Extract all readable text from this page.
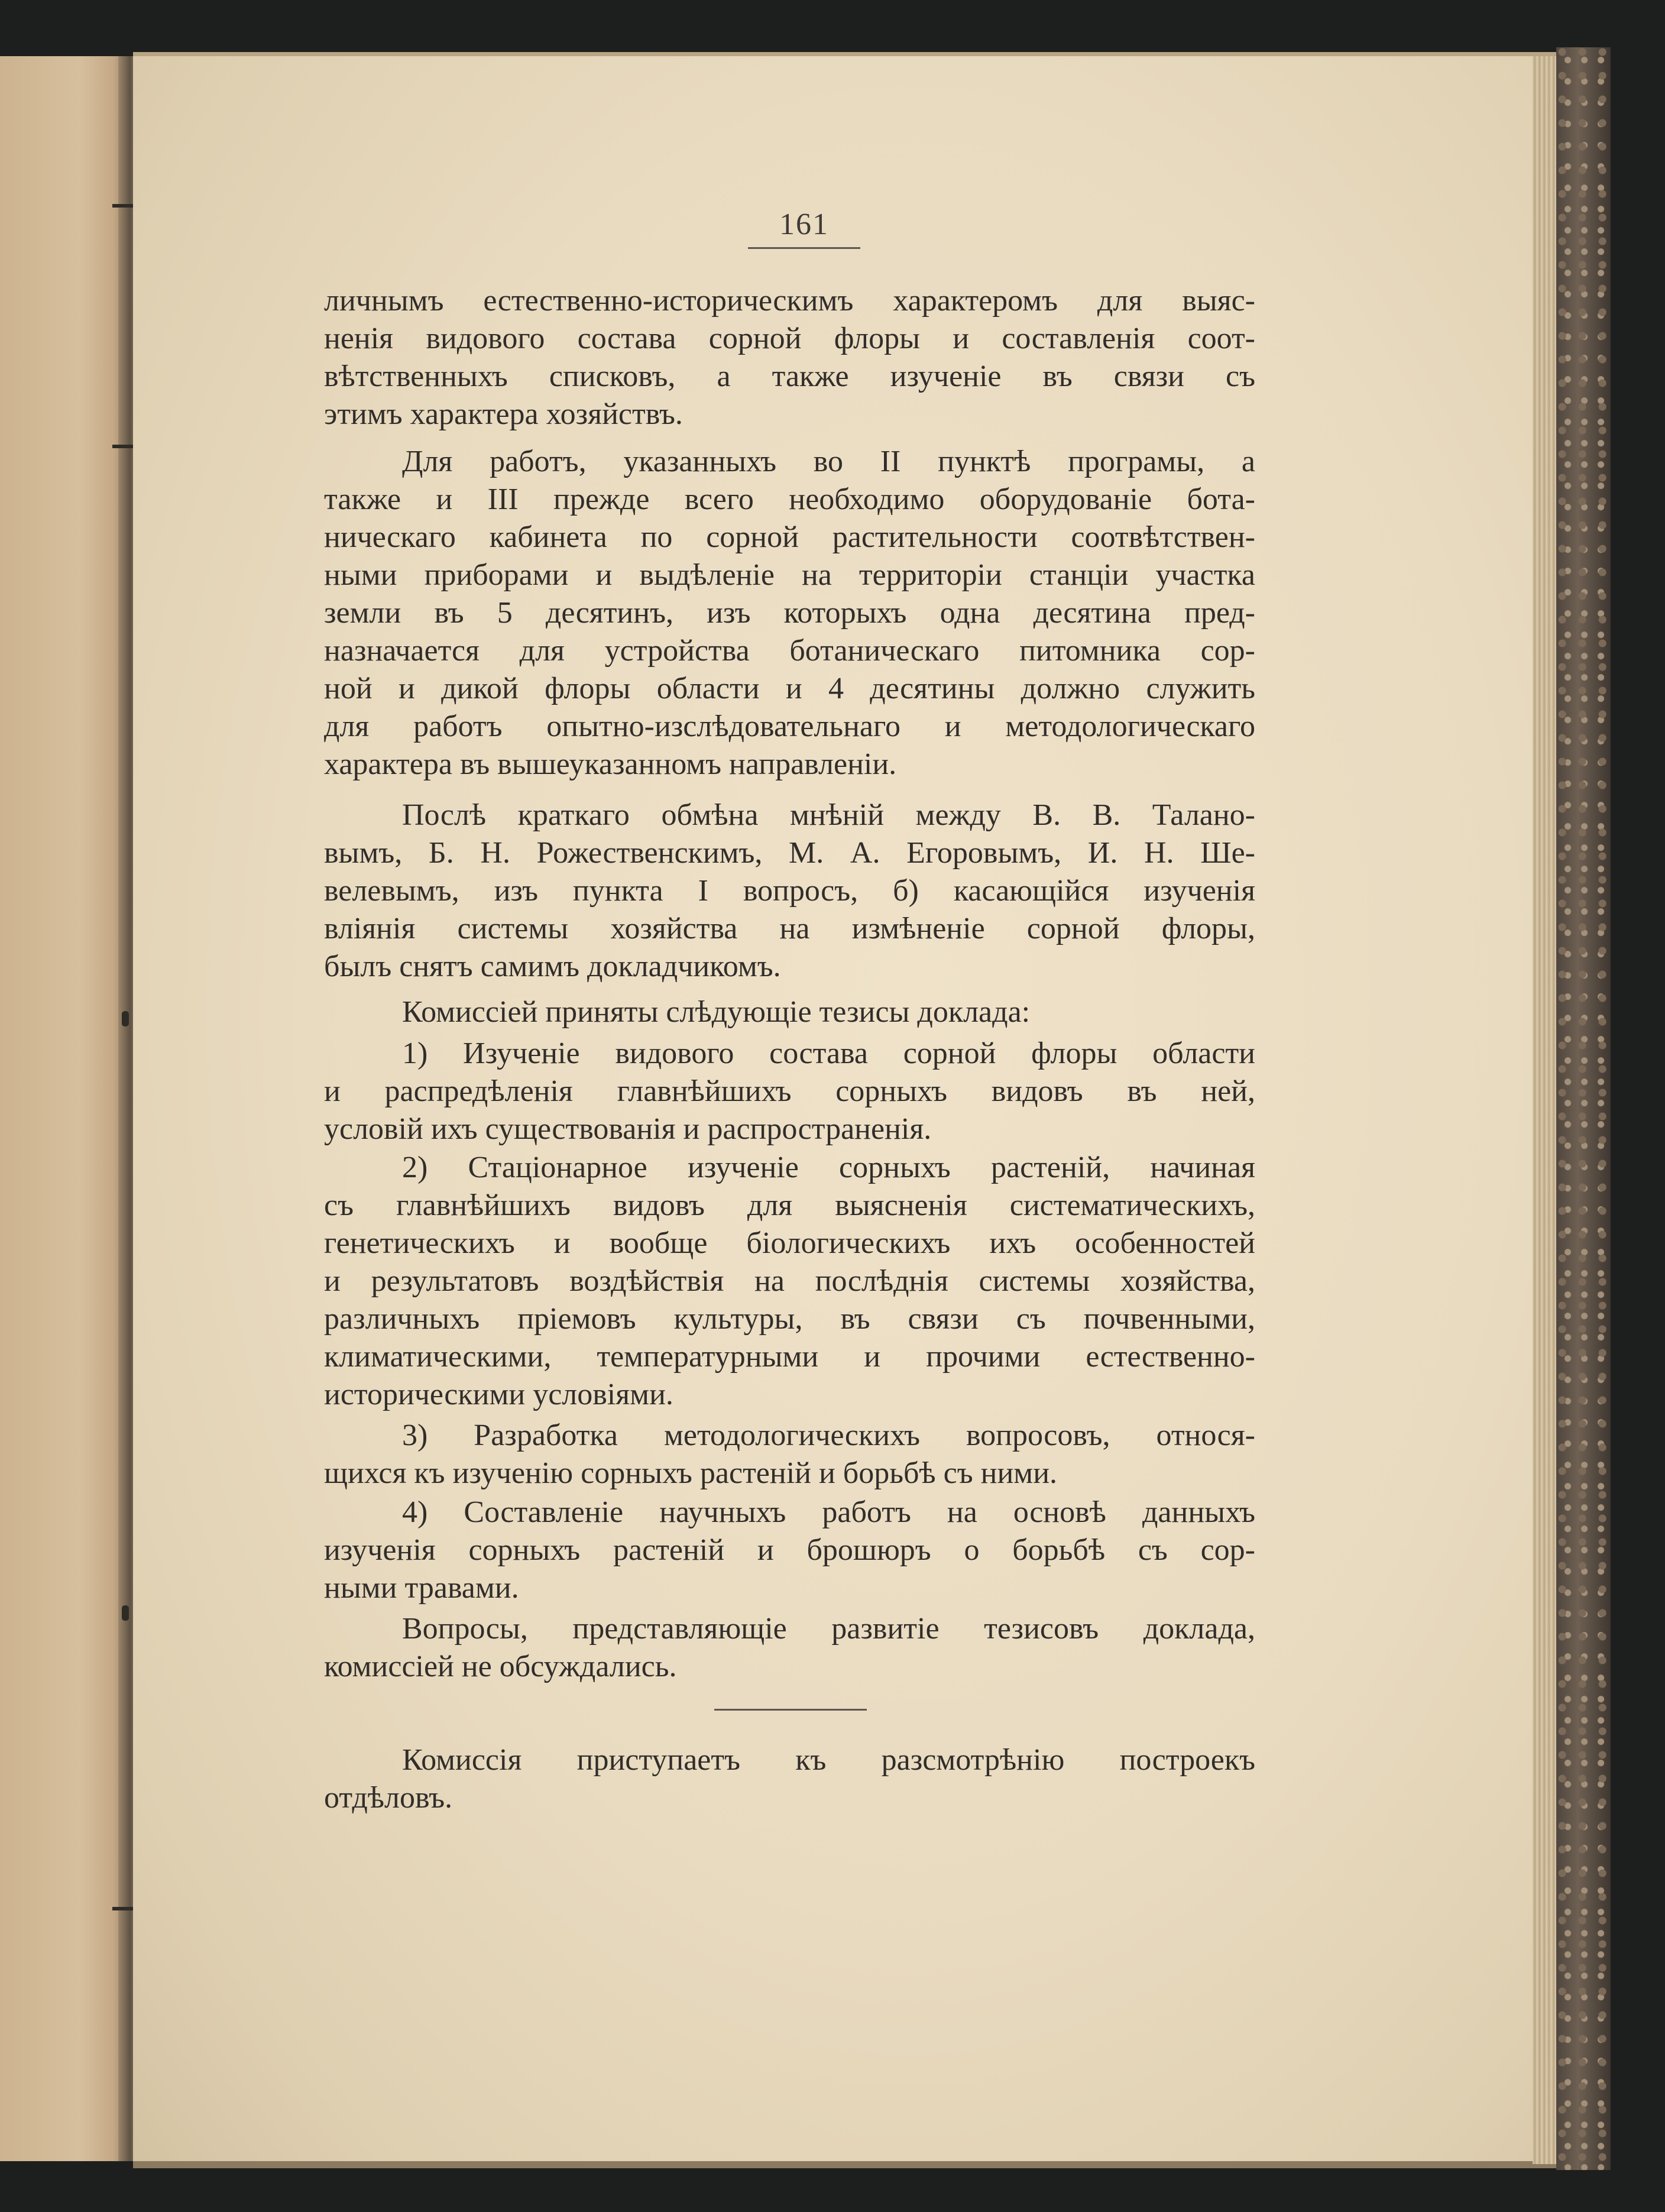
161
личнымъ естественно-историческимъ характеромъ для выяс-
ненія видового состава сорной флоры и составленія соот-
вѣтственныхъ списковъ, а также изученіе въ связи съ
этимъ характера хозяйствъ.
Для работъ, указанныхъ во II пунктѣ програмы, а
также и III прежде всего необходимо оборудованіе бота-
ническаго кабинета по сорной растительности соотвѣтствен-
ными приборами и выдѣленіе на территоріи станціи участка
земли въ 5 десятинъ, изъ которыхъ одна десятина пред-
назначается для устройства ботаническаго питомника сор-
ной и дикой флоры области и 4 десятины должно служить
для работъ опытно-изслѣдовательнаго и методологическаго
характера въ вышеуказанномъ направленіи.
Послѣ краткаго обмѣна мнѣній между В. В. Талано-
вымъ, Б. Н. Рожественскимъ, М. А. Егоровымъ, И. Н. Ше-
велевымъ, изъ пункта I вопросъ, б) касающійся изученія
вліянія системы хозяйства на измѣненіе сорной флоры,
былъ снятъ самимъ докладчикомъ.
Комиссіей приняты слѣдующіе тезисы доклада:
1) Изученіе видового состава сорной флоры области
и распредѣленія главнѣйшихъ сорныхъ видовъ въ ней,
условій ихъ существованія и распространенія.
2) Стаціонарное изученіе сорныхъ растеній, начиная
съ главнѣйшихъ видовъ для выясненія систематическихъ,
генетическихъ и вообще біологическихъ ихъ особенностей
и результатовъ воздѣйствія на послѣднія системы хозяйства,
различныхъ пріемовъ культуры, въ связи съ почвенными,
климатическими, температурными и прочими естественно-
историческими условіями.
3) Разработка методологическихъ вопросовъ, относя-
щихся къ изученію сорныхъ растеній и борьбѣ съ ними.
4) Составленіе научныхъ работъ на основѣ данныхъ
изученія сорныхъ растеній и брошюръ о борьбѣ съ сор-
ными травами.
Вопросы, представляющіе развитіе тезисовъ доклада,
комиссіей не обсуждались.
Комиссія приступаетъ къ разсмотрѣнію построекъ
отдѣловъ.
